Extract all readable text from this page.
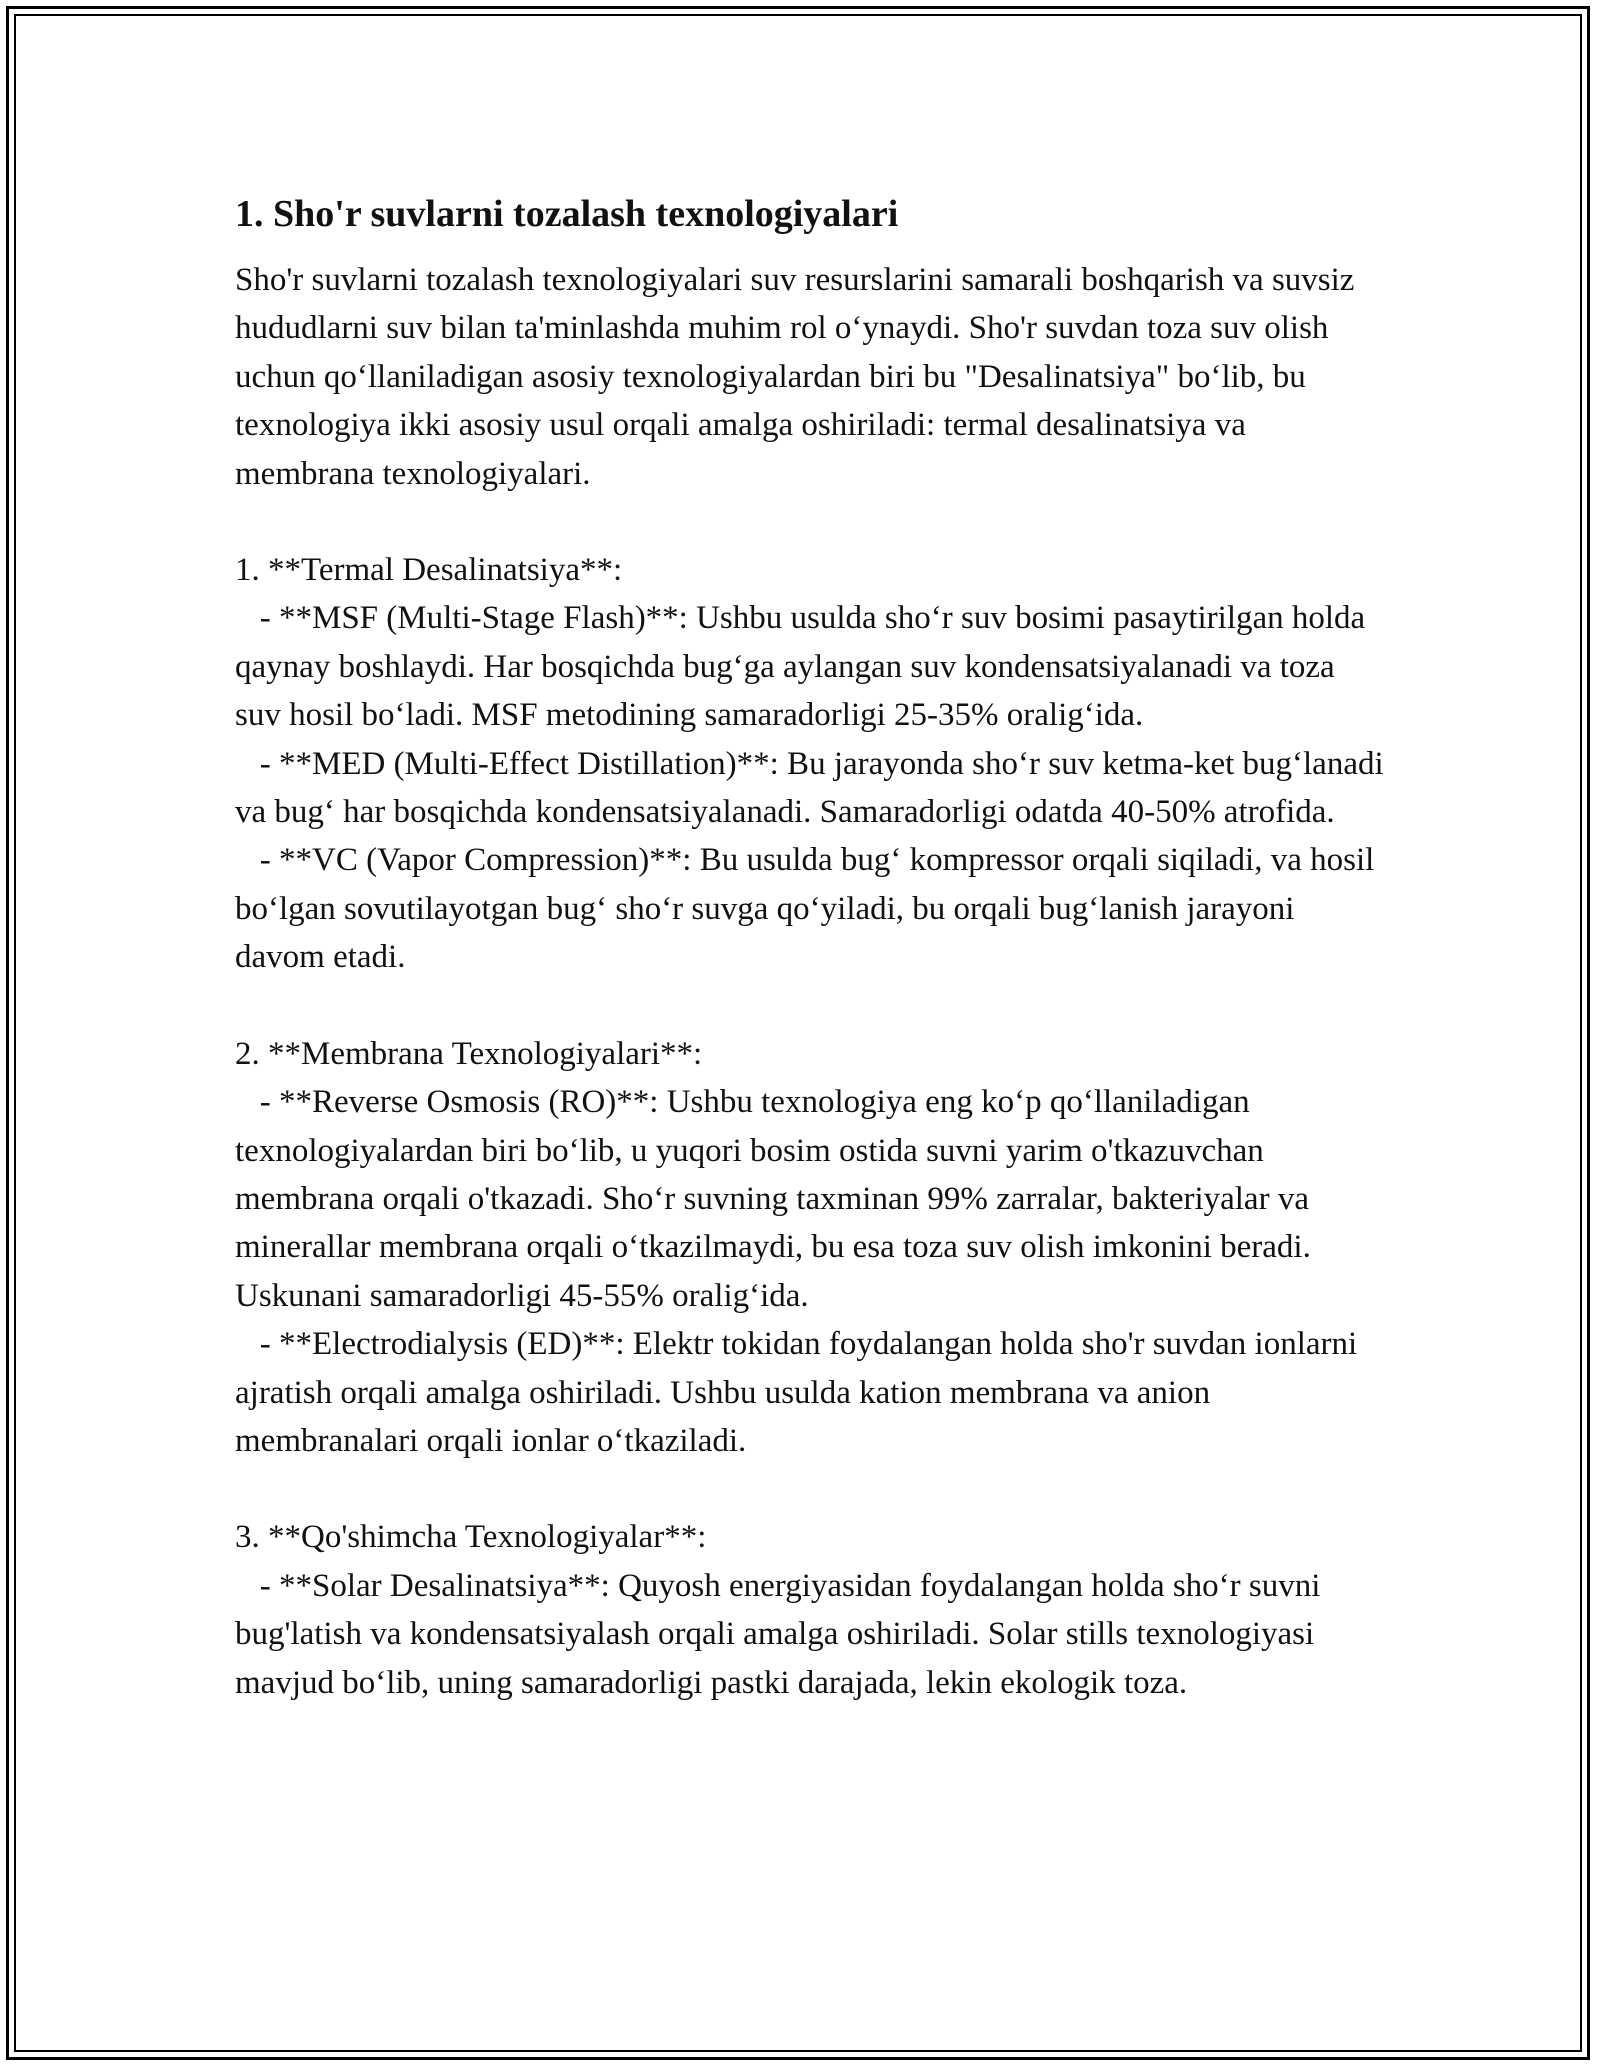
1. Sho'r suvlarni tozalash texnologiyalari

Sho'r suvlarni tozalash texnologiyalari suv resurslarini samarali boshqarish va suvsiz hududlarni suv bilan ta'minlashda muhim rol o‘ynaydi. Sho'r suvdan toza suv olish uchun qo‘llaniladigan asosiy texnologiyalardan biri bu "Desalinatsiya" bo‘lib, bu texnologiya ikki asosiy usul orqali amalga oshiriladi: termal desalinatsiya va membrana texnologiyalari.

1. **Termal Desalinatsiya**:

- **MSF (Multi-Stage Flash)**: Ushbu usulda sho‘r suv bosimi pasaytirilgan holda qaynay boshlaydi. Har bosqichda bug‘ga aylangan suv kondensatsiyalanadi va toza suv hosil bo‘ladi. MSF metodining samaradorligi 25-35% oralig‘ida.

- **MED (Multi-Effect Distillation)**: Bu jarayonda sho‘r suv ketma-ket bug‘lanadi va bug‘ har bosqichda kondensatsiyalanadi. Samaradorligi odatda 40-50% atrofida.

- **VC (Vapor Compression)**: Bu usulda bug‘ kompressor orqali siqiladi, va hosil bo‘lgan sovutilayotgan bug‘ sho‘r suvga qo‘yiladi, bu orqali bug‘lanish jarayoni davom etadi.

2. **Membrana Texnologiyalari**:

- **Reverse Osmosis (RO)**: Ushbu texnologiya eng ko‘p qo‘llaniladigan texnologiyalardan biri bo‘lib, u yuqori bosim ostida suvni yarim o'tkazuvchan membrana orqali o'tkazadi. Sho‘r suvning taxminan 99% zarralar, bakteriyalar va minerallar membrana orqali o‘tkazilmaydi, bu esa toza suv olish imkonini beradi. Uskunani samaradorligi 45-55% oralig‘ida.

- **Electrodialysis (ED)**: Elektr tokidan foydalangan holda sho'r suvdan ionlarni ajratish orqali amalga oshiriladi. Ushbu usulda kation membrana va anion membranalari orqali ionlar o‘tkaziladi.

3. **Qo'shimcha Texnologiyalar**:

- **Solar Desalinatsiya**: Quyosh energiyasidan foydalangan holda sho‘r suvni bug'latish va kondensatsiyalash orqali amalga oshiriladi. Solar stills texnologiyasi mavjud bo‘lib, uning samaradorligi pastki darajada, lekin ekologik toza.
